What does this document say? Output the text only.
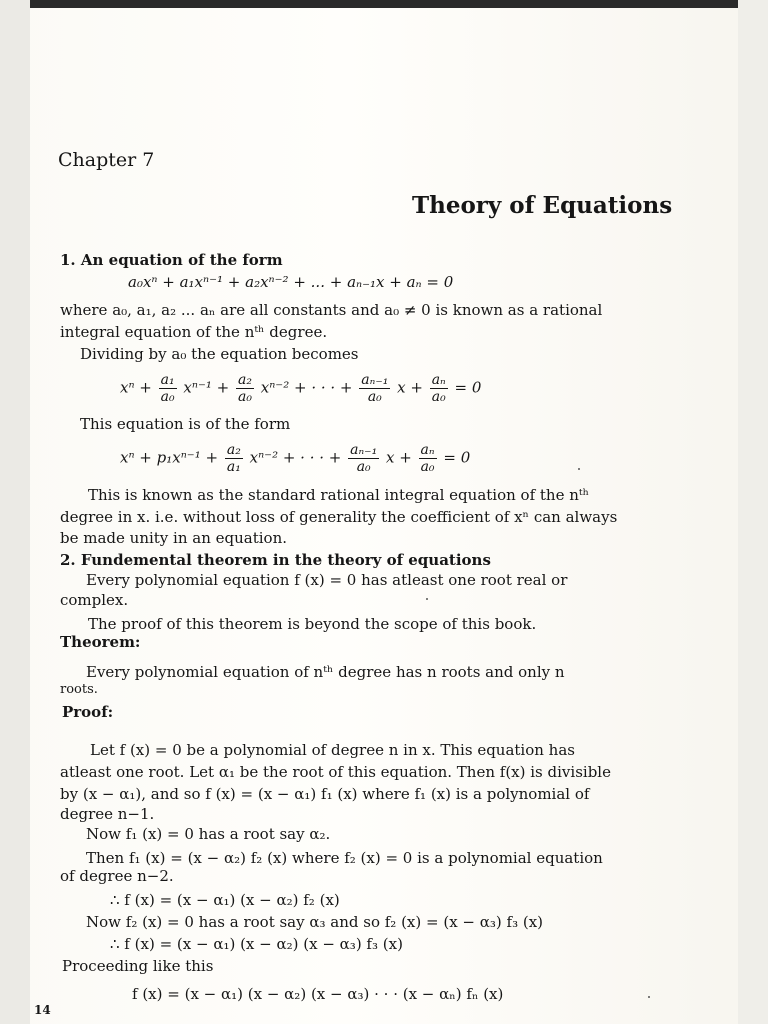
Chapter 7
Theory of Equations
1. An equation of the form
a₀xⁿ + a₁xⁿ⁻¹ + a₂xⁿ⁻² + ... + aₙ₋₁x + aₙ = 0
where a₀, a₁, a₂ ... aₙ are all constants and a₀ ≠ 0 is known as a rational
integral equation of the nᵗʰ degree.
Dividing by a₀ the equation becomes
$x^n + \frac{\text{a₁}}{\text{a₀}} x^{n-1} + \frac{\text{a₂}}{\text{a₀}} x^{n-2}$ + · · · + $\frac{\text{aₙ₋₁}}{\text{a₀}}$ $x + \frac{\text{aₙ}}{\text{a₀}} = 0$
This equation is of the form
$x^n + p_1x^{n-1} + \frac{\text{a₂}}{\text{a₁}} x^{n-2}$ + · · · + $\frac{\text{aₙ₋₁}}{\text{a₀}}$ $x + \frac{\text{aₙ}}{\text{a₀}} = 0$
This is known as the standard rational integral equation of the nᵗʰ
degree in x. i.e. without loss of generality the coefficient of xⁿ can always
be made unity in an equation.
2. Fundemental theorem in the theory of equations
Every polynomial equation f (x) = 0 has atleast one root real or
complex.
The proof of this theorem is beyond the scope of this book.
Theorem:
Every polynomial equation of nᵗʰ degree has n roots and only n
roots.
Proof:
Let f (x) = 0 be a polynomial of degree n in x. This equation has
atleast one root. Let α₁ be the root of this equation. Then f(x) is divisible
by (x − α₁), and so f (x) = (x − α₁) f₁ (x) where f₁ (x) is a polynomial of
degree n−1.
Now f₁ (x) = 0 has a root say α₂.
Then f₁ (x) = (x − α₂) f₂ (x) where f₂ (x) = 0 is a polynomial equation
of degree n−2.
∴ f (x) = (x − α₁) (x − α₂) f₂ (x)
Now f₂ (x) = 0 has a root say α₃ and so f₂ (x) = (x − α₃) f₃ (x)
∴ f (x) = (x − α₁) (x − α₂) (x − α₃) f₃ (x)
Proceeding like this
f (x) = (x − α₁) (x − α₂) (x − α₃) · · · (x − αₙ) fₙ (x)
14
